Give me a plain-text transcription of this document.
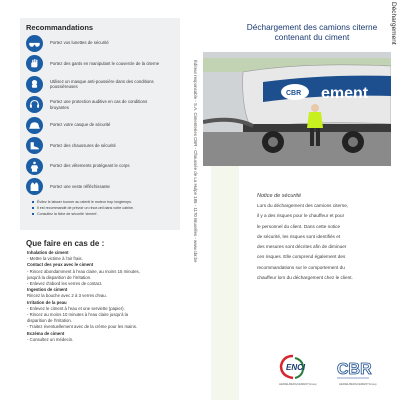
Recommandations
Portez vos lunettes de sécurité
Portez des gants en manipulant le couvercle de la citerne
Utilisez un masque anti-poussière dans des conditions poussiéreuses
Portez une protection auditive en cas de conditions bruyantes
Portez votre casque de sécurité
Portez des chaussures de sécurité
Portez des vêtements protégeant le corps
Portez une veste réfléchissante
Évitez le laisser tourner au ralenti le moteur trop longtemps.
Il est recommandé de prévoir un rince-œil dans votre cabine.
Consultez la fiche de sécurité 'ciment'.
Que faire en cas de :
Inhalation de ciment
- Mettre la victime à l'air frais.
Contact des yeux avec le ciment
- Rincez abondamment à l'eau claire, au moins 15 minutes,
jusqu'à la disparition de l'irritation.
- Enlevez d'abord les verres de contact.
Ingestion de ciment
Rincez la bouche avec 2 à 3 verres d'eau.
Irritation de la peau
- Enlevez le ciment à l'eau et une serviette (papier).
- Rincez au moins 10 minutes à l'eau claire jusqu'à la
disparition de l'irritation.
- Traitez éventuellement avec de la crème pour les mains.
Eczéma de ciment
- Consultez un médecin.
Éditeur responsable - S.A. Cimenteries CBR - Chaussée de La Hulpe 185 - 1170 Bruxelles - www.cbr.be
Déchargement des camions citerne contenant du ciment	Déchargement
ement
CBR
Notice de sécurité
Lors du déchargement des camions citerne,
il y a des risques pour le chauffeur et pour
le personnel du client. Dans cette notice
de sécurité, les risques sont identifiés et
des mesures sont décrites afin de diminuer
ces risques. Elle comprend également des
recommandations sur le comportement du
chauffeur lors du déchargement chez le client.
ENCI
HEIDELBERGCEMENTGroup
CBR
HEIDELBERGCEMENTGroup
